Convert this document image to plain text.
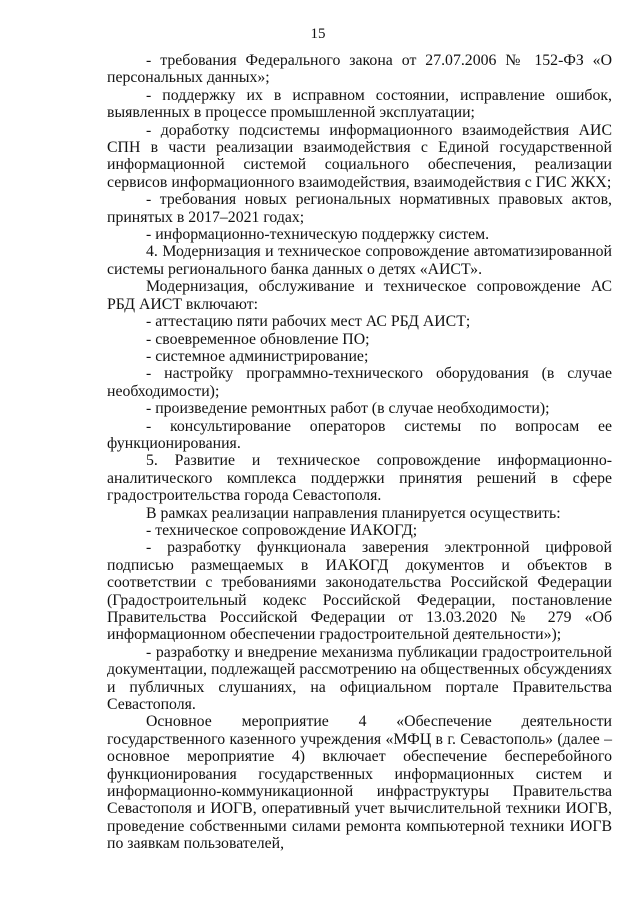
15

- требования Федерального закона от 27.07.2006 № 152-ФЗ «О персональных данных»;

- поддержку их в исправном состоянии, исправление ошибок, выявленных в процессе промышленной эксплуатации;

- доработку подсистемы информационного взаимодействия АИС СПН в части реализации взаимодействия с Единой государственной информационной системой социального обеспечения, реализации сервисов информационного взаимодействия, взаимодействия с ГИС ЖКХ;

- требования новых региональных нормативных правовых актов, принятых в 2017–2021 годах;

- информационно-техническую поддержку систем.

4. Модернизация и техническое сопровождение автоматизированной системы регионального банка данных о детях «АИСТ».

Модернизация, обслуживание и техническое сопровождение АС РБД АИСТ включают:

- аттестацию пяти рабочих мест АС РБД АИСТ;

- своевременное обновление ПО;

- системное администрирование;

- настройку программно-технического оборудования (в случае необходимости);

- произведение ремонтных работ (в случае необходимости);

- консультирование операторов системы по вопросам ее функционирования.

5. Развитие и техническое сопровождение информационно-аналитического комплекса поддержки принятия решений в сфере градостроительства города Севастополя.

В рамках реализации направления планируется осуществить:

- техническое сопровождение ИАКОГД;

- разработку функционала заверения электронной цифровой подписью размещаемых в ИАКОГД документов и объектов в соответствии с требованиями законодательства Российской Федерации (Градостроительный кодекс Российской Федерации, постановление Правительства Российской Федерации от 13.03.2020 № 279 «Об информационном обеспечении градостроительной деятельности»);

- разработку и внедрение механизма публикации градостроительной документации, подлежащей рассмотрению на общественных обсуждениях и публичных слушаниях, на официальном портале Правительства Севастополя.

Основное мероприятие 4 «Обеспечение деятельности государственного казенного учреждения «МФЦ в г. Севастополь» (далее – основное мероприятие 4) включает обеспечение бесперебойного функционирования государственных информационных систем и информационно-коммуникационной инфраструктуры Правительства Севастополя и ИОГВ, оперативный учет вычислительной техники ИОГВ, проведение собственными силами ремонта компьютерной техники ИОГВ по заявкам пользователей,
